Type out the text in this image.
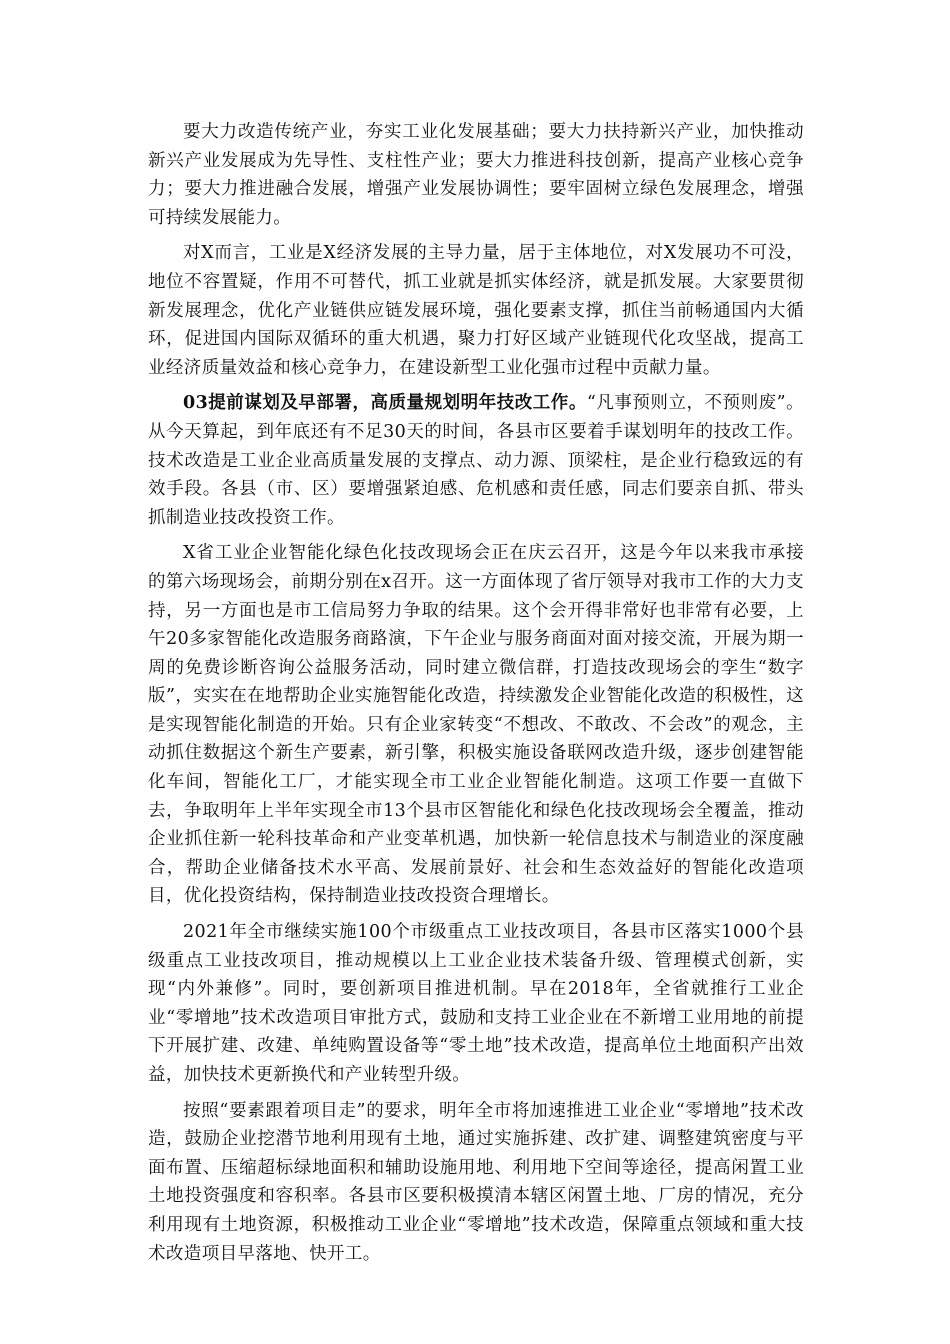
要大力改造传统产业，夯实工业化发展基础；要大力扶持新兴产业，加快推动新兴产业发展成为先导性、支柱性产业；要大力推进科技创新，提高产业核心竞争力；要大力推进融合发展，增强产业发展协调性；要牢固树立绿色发展理念，增强可持续发展能力。

对X而言，工业是X经济发展的主导力量，居于主体地位，对X发展功不可没，地位不容置疑，作用不可替代，抓工业就是抓实体经济，就是抓发展。大家要贯彻新发展理念，优化产业链供应链发展环境，强化要素支撑，抓住当前畅通国内大循环，促进国内国际双循环的重大机遇，聚力打好区域产业链现代化攻坚战，提高工业经济质量效益和核心竞争力，在建设新型工业化强市过程中贡献力量。

03提前谋划及早部署，高质量规划明年技改工作。“凡事预则立，不预则废”。从今天算起，到年底还有不足30天的时间，各县市区要着手谋划明年的技改工作。技术改造是工业企业高质量发展的支撑点、动力源、顶梁柱，是企业行稳致远的有效手段。各县（市、区）要增强紧迫感、危机感和责任感，同志们要亲自抓、带头抓制造业技改投资工作。

X省工业企业智能化绿色化技改现场会正在庆云召开，这是今年以来我市承接的第六场现场会，前期分别在x召开。这一方面体现了省厅领导对我市工作的大力支持，另一方面也是市工信局努力争取的结果。这个会开得非常好也非常有必要，上午20多家智能化改造服务商路演，下午企业与服务商面对面对接交流，开展为期一周的免费诊断咨询公益服务活动，同时建立微信群，打造技改现场会的孪生“数字版”，实实在在地帮助企业实施智能化改造，持续激发企业智能化改造的积极性，这是实现智能化制造的开始。只有企业家转变“不想改、不敢改、不会改”的观念，主动抓住数据这个新生产要素，新引擎，积极实施设备联网改造升级，逐步创建智能化车间，智能化工厂，才能实现全市工业企业智能化制造。这项工作要一直做下去，争取明年上半年实现全市13个县市区智能化和绿色化技改现场会全覆盖，推动企业抓住新一轮科技革命和产业变革机遇，加快新一轮信息技术与制造业的深度融合，帮助企业储备技术水平高、发展前景好、社会和生态效益好的智能化改造项目，优化投资结构，保持制造业技改投资合理增长。

2021年全市继续实施100个市级重点工业技改项目，各县市区落实1000个县级重点工业技改项目，推动规模以上工业企业技术装备升级、管理模式创新，实现“内外兼修”。同时，要创新项目推进机制。早在2018年，全省就推行工业企业“零增地”技术改造项目审批方式，鼓励和支持工业企业在不新增工业用地的前提下开展扩建、改建、单纯购置设备等“零土地”技术改造，提高单位土地面积产出效益，加快技术更新换代和产业转型升级。

按照“要素跟着项目走”的要求，明年全市将加速推进工业企业“零增地”技术改造，鼓励企业挖潜节地利用现有土地，通过实施拆建、改扩建、调整建筑密度与平面布置、压缩超标绿地面积和辅助设施用地、利用地下空间等途径，提高闲置工业土地投资强度和容积率。各县市区要积极摸清本辖区闲置土地、厂房的情况，充分利用现有土地资源，积极推动工业企业“零增地”技术改造，保障重点领域和重大技术改造项目早落地、快开工。
